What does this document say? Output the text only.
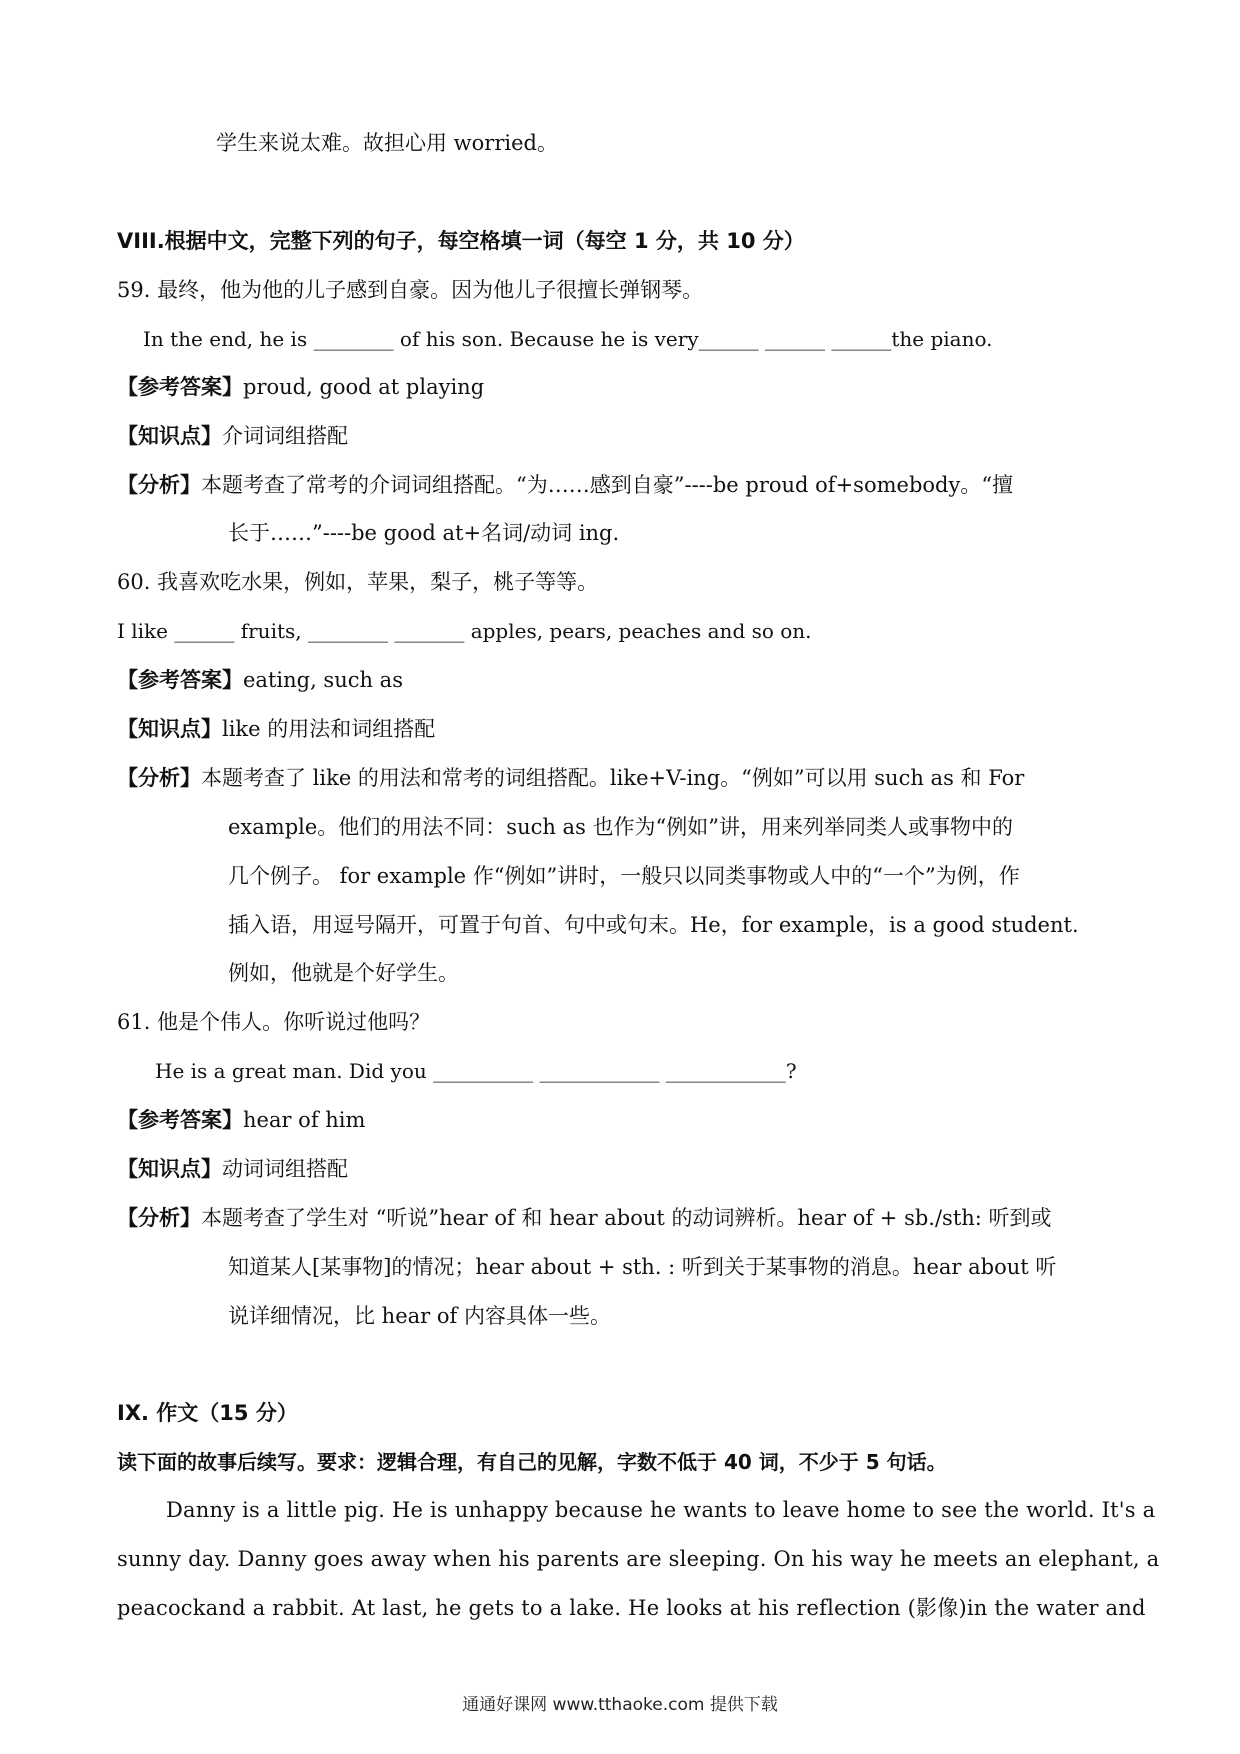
学生来说太难。故担心用 worried。
VIII.根据中文，完整下列的句子，每空格填一词（每空 1 分，共 10 分）
59. 最终，他为他的儿子感到自豪。因为他儿子很擅长弹钢琴。
In the end, he is ________ of his son. Because he is very______ ______ ______the piano.
【参考答案】proud, good at playing
【知识点】介词词组搭配
【分析】本题考查了常考的介词词组搭配。“为……感到自豪”----be proud of+somebody。“擅
长于……”----be good at+名词/动词 ing.
60. 我喜欢吃水果，例如，苹果，梨子，桃子等等。
I like ______ fruits, ________ _______ apples, pears, peaches and so on.
【参考答案】eating, such as
【知识点】like 的用法和词组搭配
【分析】本题考查了 like 的用法和常考的词组搭配。like+V-ing。“例如”可以用 such as 和 For
example。他们的用法不同：such as 也作为“例如”讲，用来列举同类人或事物中的
几个例子。 for example 作“例如”讲时，一般只以同类事物或人中的“一个”为例，作
插入语，用逗号隔开，可置于句首、句中或句末。He，for example，is a good student.
例如，他就是个好学生。
61. 他是个伟人。你听说过他吗？
He is a great man. Did you __________ ____________ ____________?
【参考答案】hear of him
【知识点】动词词组搭配
【分析】本题考查了学生对 “听说”hear of 和 hear about 的动词辨析。hear of + sb./sth: 听到或
知道某人[某事物]的情况；hear about + sth. : 听到关于某事物的消息。hear about 听
说详细情况，比 hear of 内容具体一些。
IX. 作文（15 分）
读下面的故事后续写。要求：逻辑合理，有自己的见解，字数不低于 40 词，不少于 5 句话。
Danny is a little pig. He is unhappy because he wants to leave home to see the world. It's a
sunny day. Danny goes away when his parents are sleeping. On his way he meets an elephant, a
peacockand a rabbit. At last, he gets to a lake. He looks at his reflection (影像)in the water and
通通好课网 www.tthaoke.com 提供下载
